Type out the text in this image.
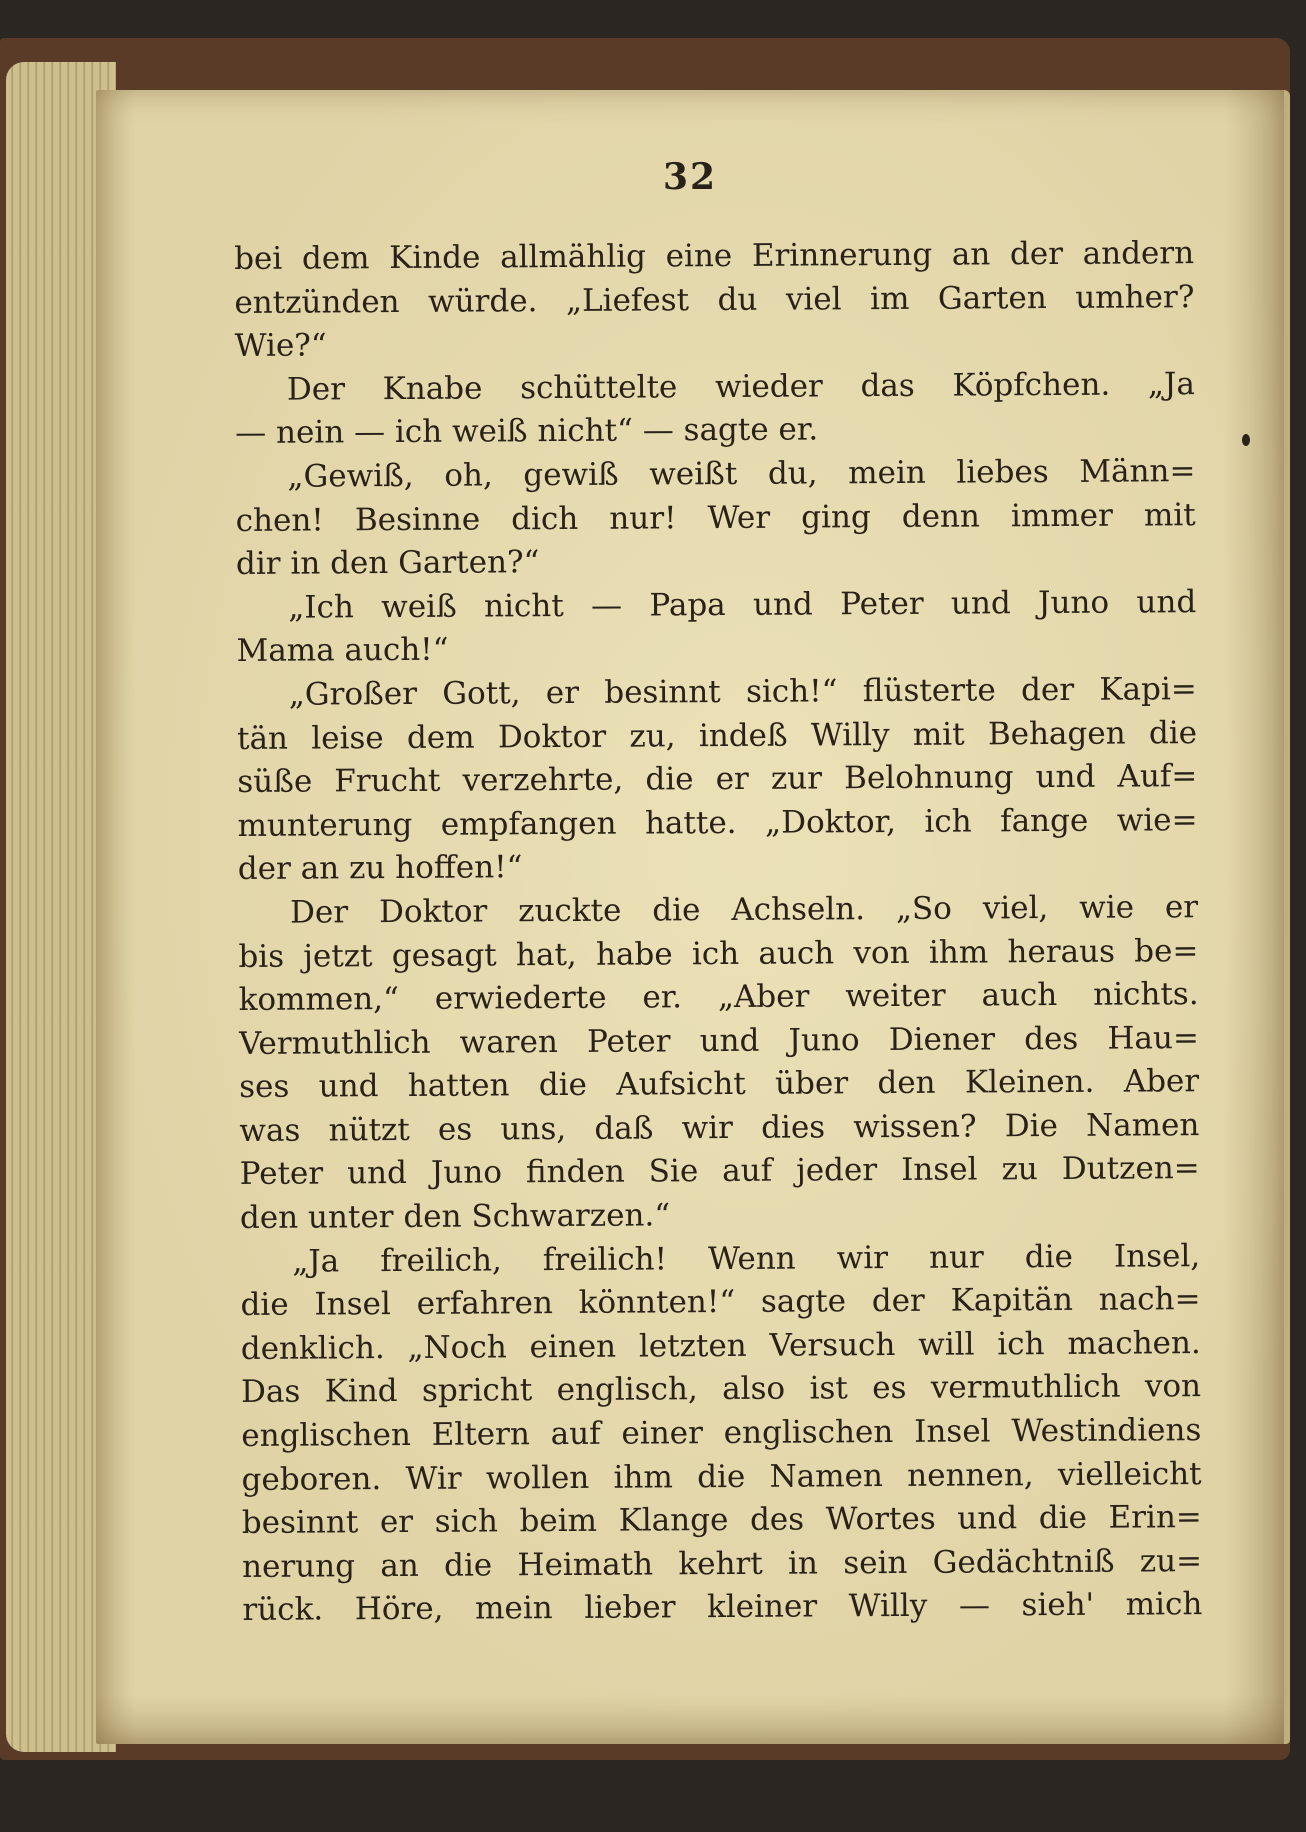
32
bei dem Kinde allmählig eine Erinnerung an der andern
entzünden würde. „Liefest du viel im Garten umher?
Wie?“
Der Knabe schüttelte wieder das Köpfchen. „Ja
— nein — ich weiß nicht“ — sagte er.
„Gewiß, oh, gewiß weißt du, mein liebes Männ=
chen! Besinne dich nur! Wer ging denn immer mit
dir in den Garten?“
„Ich weiß nicht — Papa und Peter und Juno und
Mama auch!“
„Großer Gott, er besinnt sich!“ flüsterte der Kapi=
tän leise dem Doktor zu, indeß Willy mit Behagen die
süße Frucht verzehrte, die er zur Belohnung und Auf=
munterung empfangen hatte. „Doktor, ich fange wie=
der an zu hoffen!“
Der Doktor zuckte die Achseln. „So viel, wie er
bis jetzt gesagt hat, habe ich auch von ihm heraus be=
kommen,“ erwiederte er. „Aber weiter auch nichts.
Vermuthlich waren Peter und Juno Diener des Hau=
ses und hatten die Aufsicht über den Kleinen. Aber
was nützt es uns, daß wir dies wissen? Die Namen
Peter und Juno finden Sie auf jeder Insel zu Dutzen=
den unter den Schwarzen.“
„Ja freilich, freilich! Wenn wir nur die Insel,
die Insel erfahren könnten!“ sagte der Kapitän nach=
denklich. „Noch einen letzten Versuch will ich machen.
Das Kind spricht englisch, also ist es vermuthlich von
englischen Eltern auf einer englischen Insel Westindiens
geboren. Wir wollen ihm die Namen nennen, vielleicht
besinnt er sich beim Klange des Wortes und die Erin=
nerung an die Heimath kehrt in sein Gedächtniß zu=
rück. Höre, mein lieber kleiner Willy — sieh' mich
